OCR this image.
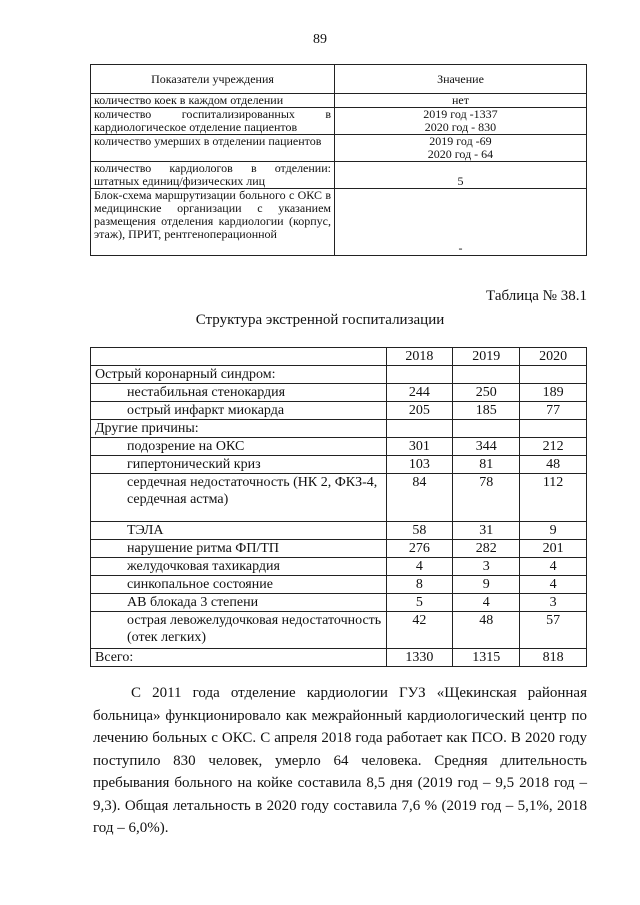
89
Показатели учреждения	Значение
количество коек в каждом отделении	нет

количество госпитализированных в кардиологическое отделение пациентов	2019 год -1337
2020 год - 830

количество умерших в отделении пациентов	2019 год -69
2020 год - 64

количество кардиологов в отделении: штатных единиц/физических лиц	5

Блок-схема маршрутизации больного с ОКС в медицинские организации с указанием размещения отделения кардиологии (корпус, этаж), ПРИТ, рентгеноперационной	-
Таблица № 38.1
Структура экстренной госпитализации
	2018	2019	2020
Острый коронарный синдром:			
нестабильная стенокардия	244	250	189
острый инфаркт миокарда	205	185	77
Другие причины:			
подозрение на ОКС	301	344	212
гипертонический криз	103	81	48
сердечная недостаточность (НК 2, ФКЗ-4, сердечная астма)	84	78	112
ТЭЛА	58	31	9
нарушение ритма ФП/ТП	276	282	201
желудочковая тахикардия	4	3	4
синкопальное состояние	8	9	4
АВ блокада 3 степени	5	4	3
острая левожелудочковая недостаточность (отек легких)	42	48	57
Всего:	1330	1315	818

С 2011 года отделение кардиологии ГУЗ «Щекинская районная больница» функционировало как межрайонный кардиологический центр по лечению больных с ОКС. С апреля 2018 года работает как ПСО. В 2020 году поступило 830 человек, умерло 64 человека. Средняя длительность пребывания больного на койке составила 8,5 дня (2019 год – 9,5 2018 год – 9,3). Общая летальность в 2020 году составила 7,6 % (2019 год – 5,1%, 2018 год – 6,0%).
